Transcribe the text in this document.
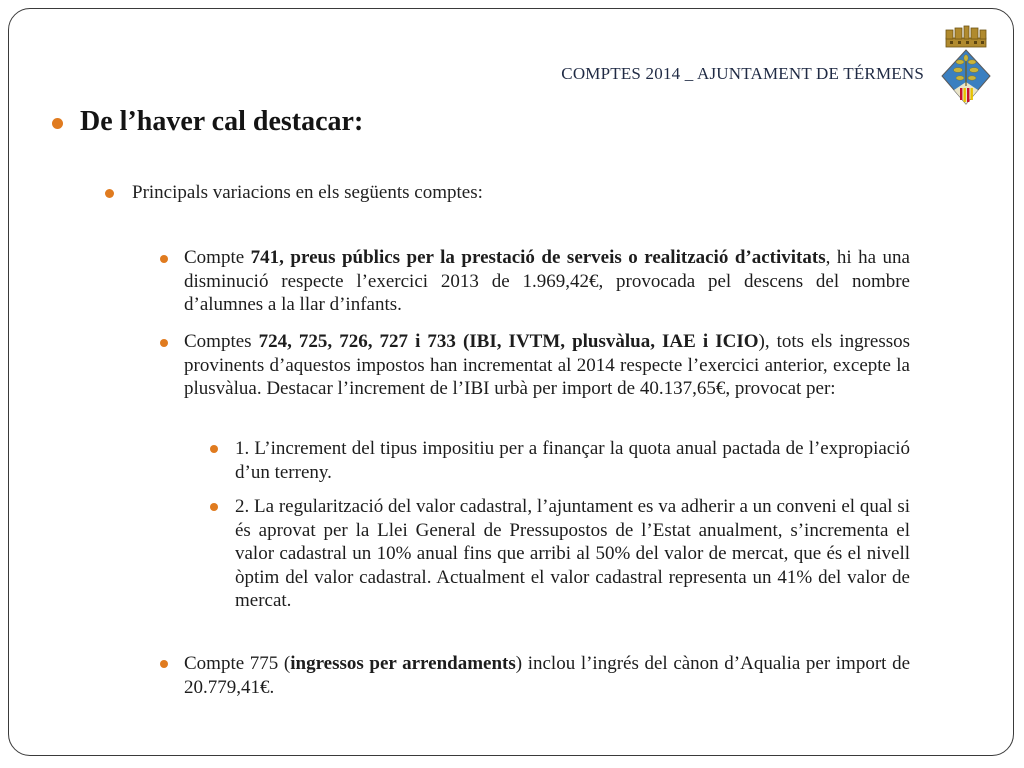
COMPTES 2014 _ AJUNTAMENT DE TÉRMENS
De l’haver cal destacar:
Principals variacions en els següents comptes:
Compte 741, preus públics per la prestació de serveis o realització d’activitats, hi ha una disminució respecte l’exercici 2013 de 1.969,42€, provocada pel descens del nombre d’alumnes a la llar d’infants.
Comptes 724, 725, 726, 727 i 733 (IBI, IVTM, plusvàlua, IAE i ICIO), tots els ingressos provinents d’aquestos impostos han incrementat al 2014 respecte l’exercici anterior, excepte la plusvàlua. Destacar l’increment de l’IBI urbà per import de 40.137,65€, provocat per:
1. L’increment del tipus impositiu per a finançar la quota anual pactada de l’expropiació d’un terreny.
2. La regularització del valor cadastral, l’ajuntament es va adherir a un conveni el qual si és aprovat per la Llei General de Pressupostos de l’Estat anualment, s’incrementa el valor cadastral un 10% anual fins que arribi al 50% del valor de mercat, que és el nivell òptim del valor cadastral. Actualment el valor cadastral representa un 41% del valor de mercat.
Compte 775 (ingressos per arrendaments) inclou l’ingrés del cànon d’Aqualia per import de 20.779,41€.
